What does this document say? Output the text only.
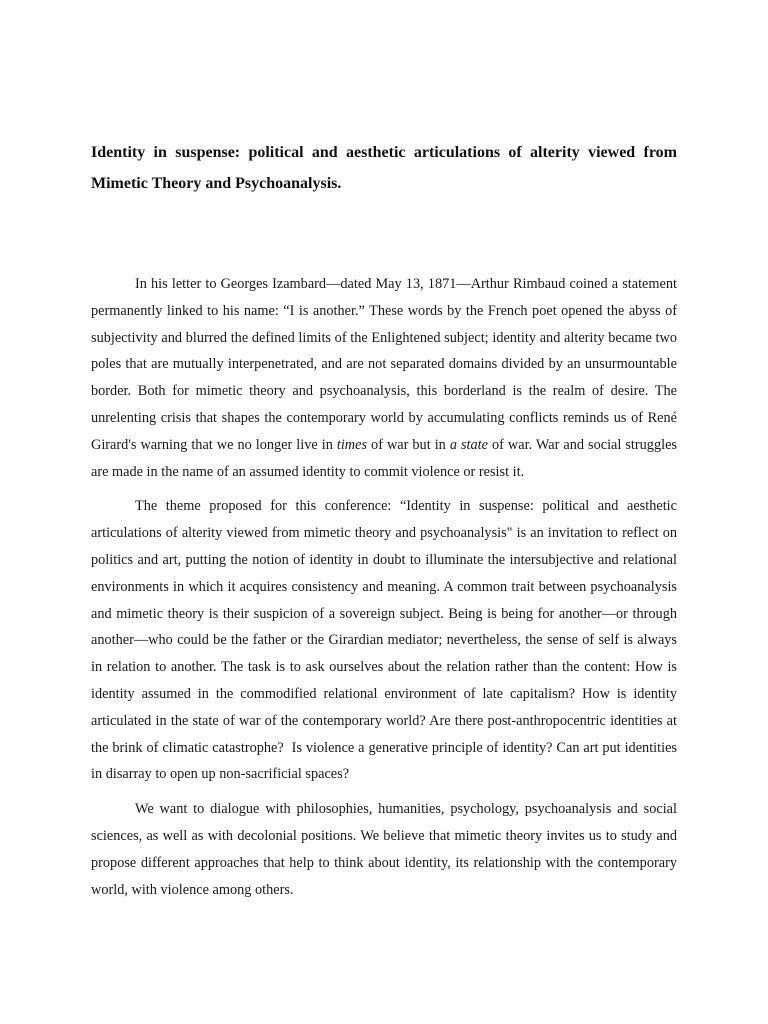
Identity in suspense: political and aesthetic articulations of alterity viewed from Mimetic Theory and Psychoanalysis.

In his letter to Georges Izambard—dated May 13, 1871—Arthur Rimbaud coined a statement permanently linked to his name: “I is another.” These words by the French poet opened the abyss of subjectivity and blurred the defined limits of the Enlightened subject; identity and alterity became two poles that are mutually interpenetrated, and are not separated domains divided by an unsurmountable border. Both for mimetic theory and psychoanalysis, this borderland is the realm of desire. The unrelenting crisis that shapes the contemporary world by accumulating conflicts reminds us of René Girard's warning that we no longer live in times of war but in a state of war. War and social struggles are made in the name of an assumed identity to commit violence or resist it.

The theme proposed for this conference: “Identity in suspense: political and aesthetic articulations of alterity viewed from mimetic theory and psychoanalysis" is an invitation to reflect on politics and art, putting the notion of identity in doubt to illuminate the intersubjective and relational environments in which it acquires consistency and meaning. A common trait between psychoanalysis and mimetic theory is their suspicion of a sovereign subject. Being is being for another—or through another—who could be the father or the Girardian mediator; nevertheless, the sense of self is always in relation to another. The task is to ask ourselves about the relation rather than the content: How is identity assumed in the commodified relational environment of late capitalism? How is identity articulated in the state of war of the contemporary world? Are there post-anthropocentric identities at the brink of climatic catastrophe?  Is violence a generative principle of identity? Can art put identities in disarray to open up non-sacrificial spaces?

We want to dialogue with philosophies, humanities, psychology, psychoanalysis and social sciences, as well as with decolonial positions. We believe that mimetic theory invites us to study and propose different approaches that help to think about identity, its relationship with the contemporary world, with violence among others.
